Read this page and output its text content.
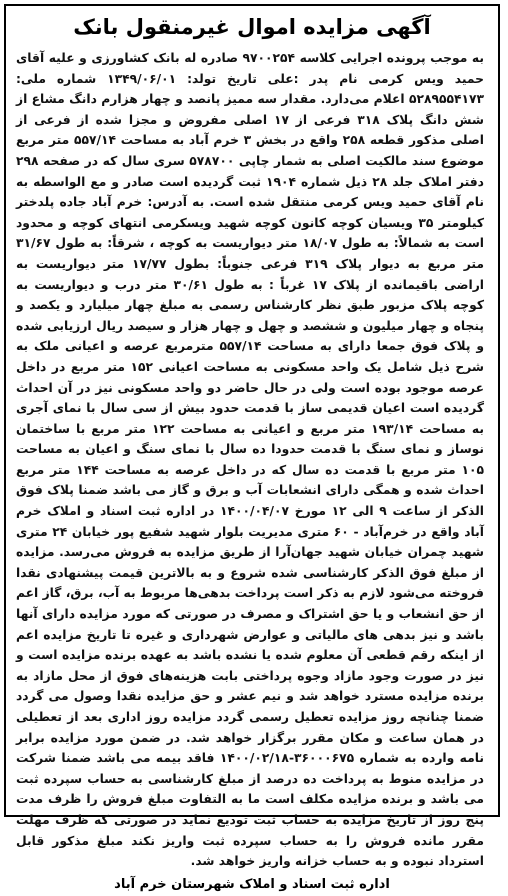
آگهی مزایده اموال غیرمنقول بانک

به موجب پرونده اجرایی کلاسه ۹۷۰۰۲۵۴ صادره له بانک کشاورزی و علیه آقای حمید ویس کرمی نام پدر :علی تاریخ تولد: ۱۳۴۹/۰۶/۰۱ شماره ملی: ۵۲۸۹۵۵۴۱۷۳ اعلام می‌دارد. مقدار سه ممیز پانصد و چهار هزارم دانگ مشاع از شش دانگ پلاک ۳۱۸ فرعی از ۱۷ اصلی مفروض و مجزا شده از فرعی از اصلی مذکور قطعه ۲۵۸ واقع در بخش ۳ خرم آباد به مساحت ۵۵۷/۱۴ متر مربع موضوع سند مالکیت اصلی به شمار چاپی ۵۷۸۷۰۰ سری سال که در صفحه ۲۹۸ دفتر املاک جلد ۲۸ ذیل شماره ۱۹۰۴ ثبت گردیده است صادر و مع الواسطه به نام آقای حمید ویس کرمی منتقل شده است. به آدرس: خرم آباد جاده پلدختر کیلومتر ۳۵ ویسیان کوچه کانون کوچه شهید ویسکرمی انتهای کوچه و محدود است به شمالاً: به طول ۱۸/۰۷ متر دیواریست به کوچه ، شرقاً: به طول ۳۱/۶۷ متر مربع به دیوار پلاک ۳۱۹ فرعی جنوباً: بطول ۱۷/۷۷ متر دیواریست به اراضی باقیمانده از پلاک ۱۷ غرباً : به طول ۳۰/۶۱ متر درب و دیواریست به کوچه پلاک مزبور طبق نظر کارشناس رسمی به مبلغ چهار میلیارد و یکصد و پنجاه و چهار میلیون و ششصد و چهل و چهار هزار و سیصد ریال ارزیابی شده و پلاک فوق جمعا دارای به مساحت ۵۵۷/۱۴ مترمربع عرصه و اعیانی ملک به شرح ذیل شامل یک واحد مسکونی به مساحت اعیانی ۱۵۲ متر مربع در داخل عرصه موجود بوده است ولی در حال حاضر دو واحد مسکونی نیز در آن احداث گردیده است اعیان قدیمی ساز با قدمت حدود بیش از سی سال با نمای آجری به مساحت ۱۹۳/۱۴ متر مربع و اعیانی به مساحت ۱۲۲ متر مربع با ساختمان نوساز و نمای سنگ با قدمت حدودا ده سال با نمای سنگ و اعیان به مساحت ۱۰۵ متر مربع با قدمت ده سال که در داخل عرصه به مساحت ۱۴۴ متر مربع احداث شده و همگی دارای انشعابات آب و برق و گاز می باشد ضمنا پلاک فوق الذکر از ساعت ۹ الی ۱۲ مورخ ۱۴۰۰/۰۴/۰۷ در اداره ثبت اسناد و املاک خرم آباد واقع در خرم‌آباد - ۶۰ متری مدیریت بلوار شهید شفیع پور خیابان ۲۴ متری شهید چمران خیابان شهید جهان‌آرا از طریق مزایده به فروش می‌رسد. مزایده از مبلغ فوق الذکر کارشناسی شده شروع و به بالاترین قیمت پیشنهادی نقدا فروخته می‌شود لازم به ذکر است پرداخت بدهی‌ها مربوط به آب، برق، گاز اعم از حق انشعاب و یا حق اشتراک و مصرف در صورتی که مورد مزایده دارای آنها باشد و نیز بدهی های مالیاتی و عوارض شهرداری و غیره تا تاریخ مزایده اعم از اینکه رقم قطعی آن معلوم شده یا نشده باشد به عهده برنده مزایده است و نیز در صورت وجود مازاد وجوه پرداختی بابت هزینه‌های فوق از محل مازاد به برنده مزایده مسترد خواهد شد و نیم عشر و حق مزایده نقدا وصول می گردد ضمنا چنانچه روز مزایده تعطیل رسمی گردد مزایده روز اداری بعد از تعطیلی در همان ساعت و مکان مقرر برگزار خواهد شد. در ضمن مورد مزایده برابر نامه وارده به شماره ۳۶۰۰۰۶۷۵-۱۴۰۰/۰۲/۱۸ فاقد بیمه می باشد ضمنا شرکت در مزایده منوط به پرداخت ده درصد از مبلغ کارشناسی به حساب سپرده ثبت می باشد و برنده مزایده مکلف است ما به التفاوت مبلغ فروش را ظرف مدت پنج روز از تاریخ مزایده به حساب ثبت تودیع نماید در صورتی که ظرف مهلت مقرر مانده فروش را به حساب سپرده ثبت واریز نکند مبلغ مذکور قابل استرداد نبوده و به حساب خزانه واریز خواهد شد.

اداره ثبت اسناد و املاک شهرستان خرم آباد
